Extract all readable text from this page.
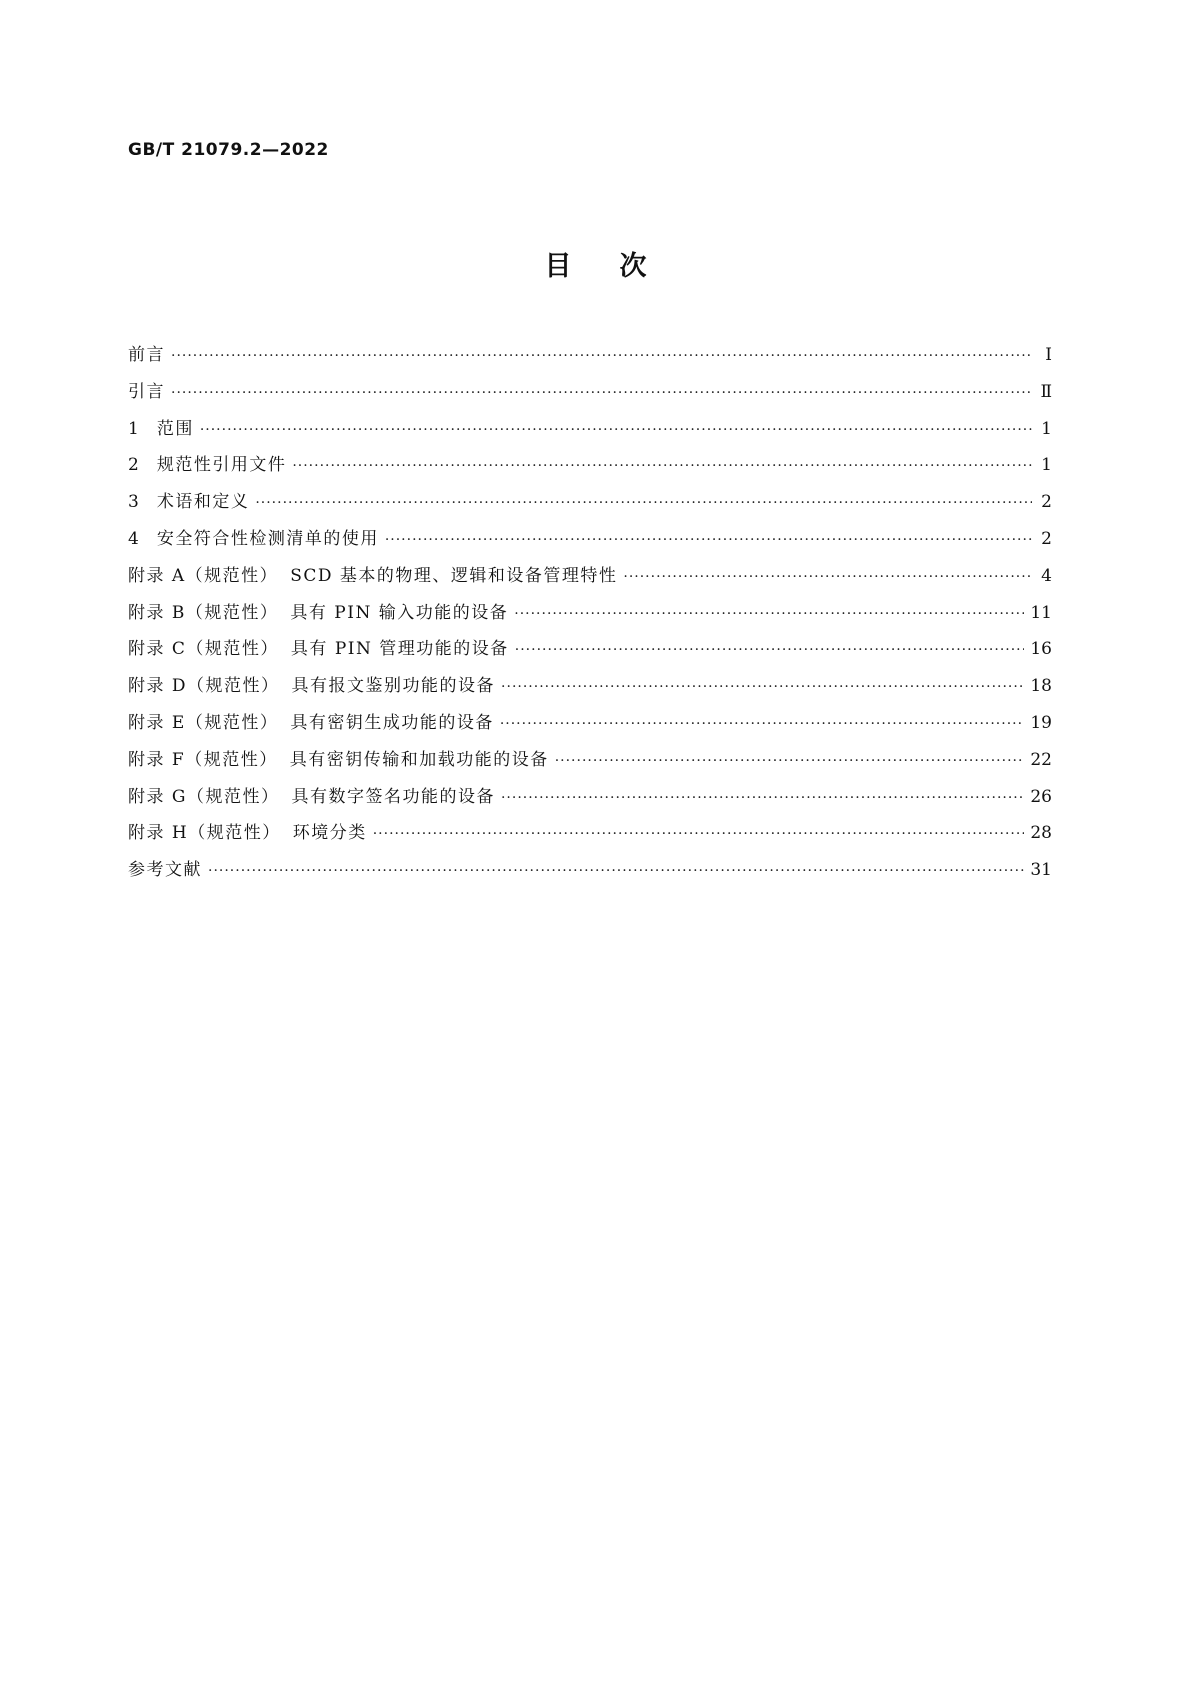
GB/T 21079.2—2022
目 次
前言 ·····	Ⅰ
引言 ·····	Ⅱ
1 范围 ·····	1
2 规范性引用文件 ·····	1
3 术语和定义 ·····	2
4 安全符合性检测清单的使用 ·····	2
附录 A（规范性） SCD 基本的物理、逻辑和设备管理特性 ·····	4
附录 B（规范性） 具有 PIN 输入功能的设备 ·····	11
附录 C（规范性） 具有 PIN 管理功能的设备 ·····	16
附录 D（规范性） 具有报文鉴别功能的设备 ·····	18
附录 E（规范性） 具有密钥生成功能的设备 ·····	19
附录 F（规范性） 具有密钥传输和加载功能的设备 ·····	22
附录 G（规范性） 具有数字签名功能的设备 ·····	26
附录 H（规范性） 环境分类 ·····	28
参考文献 ·····	31
